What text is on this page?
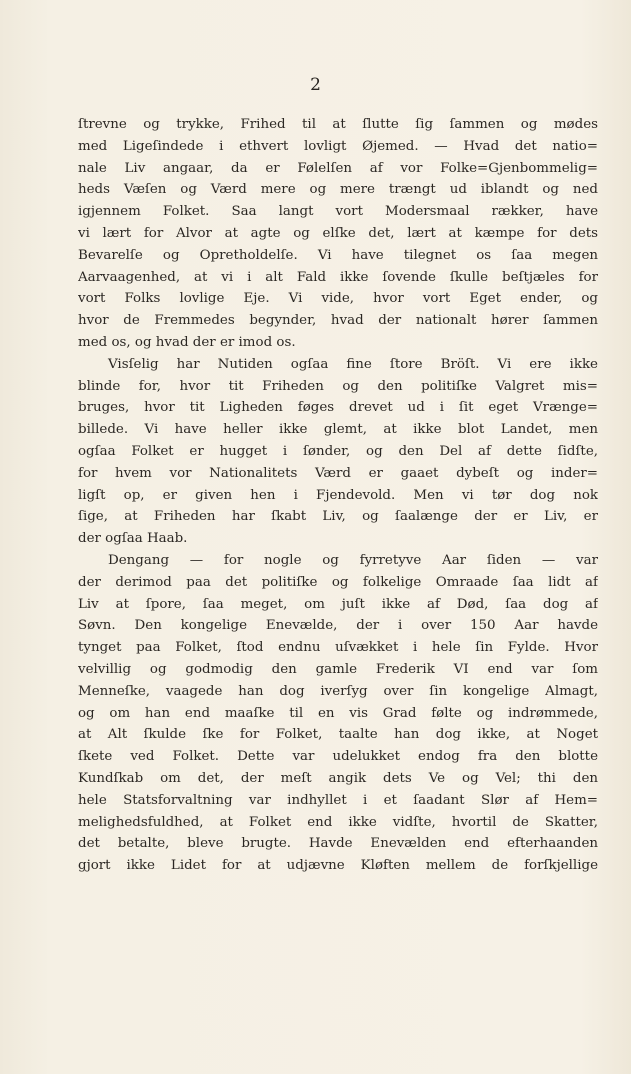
2
ſtrevne og trykke, Frihed til at ſlutte ſig ſammen og mødes
med Ligeſindede i ethvert lovligt Øjemed. — Hvad det natio=
nale Liv angaar, da er Følelſen af vor Folke=Gjenbommelig=
heds Væſen og Værd mere og mere trængt ud iblandt og ned
igjennem Folket. Saa langt vort Modersmaal rækker, have
vi lært for Alvor at agte og elſke det, lært at kæmpe for dets
Bevarelſe og Opretholdelſe. Vi have tilegnet os ſaa megen
Aarvaagenhed, at vi i alt Fald ikke ſovende ſkulle beſtjæles for
vort Folks lovlige Eje. Vi vide, hvor vort Eget ender, og
hvor de Fremmedes begynder, hvad der nationalt hører ſammen
med os, og hvad der er imod os.
Visſelig har Nutiden ogſaa fine ſtore Bröſt. Vi ere ikke
blinde for, hvor tit Friheden og den politiſke Valgret mis=
bruges, hvor tit Ligheden føges drevet ud i ſit eget Vrænge=
billede. Vi have heller ikke glemt, at ikke blot Landet, men
ogſaa Folket er hugget i ſønder, og den Del af dette ſidſte,
for hvem vor Nationalitets Værd er gaaet dybeſt og inder=
ligſt op, er given hen i Fjendevold. Men vi tør dog nok
ſige, at Friheden har ſkabt Liv, og ſaalænge der er Liv, er
der ogſaa Haab.
Dengang — for nogle og fyrretyve Aar ſiden — var
der derimod paa det politiſke og folkelige Omraade ſaa lidt af
Liv at ſpore, ſaa meget, om juſt ikke af Død, ſaa dog af
Søvn. Den kongelige Enevælde, der i over 150 Aar havde
tynget paa Folket, ſtod endnu uſvækket i hele ſin Fylde. Hvor
velvillig og godmodig den gamle Frederik VI end var ſom
Menneſke, vaagede han dog iverſyg over ſin kongelige Almagt,
og om han end maaſke til en vis Grad følte og indrømmede,
at Alt ſkulde ſke for Folket, taalte han dog ikke, at Noget
ſkete ved Folket. Dette var udelukket endog fra den blotte
Kundſkab om det, der meſt angik dets Ve og Vel; thi den
hele Statsforvaltning var indhyllet i et ſaadant Slør af Hem=
melighedsfuldhed, at Folket end ikke vidſte, hvortil de Skatter,
det betalte, bleve brugte. Havde Enevælden end efterhaanden
gjort ikke Lidet for at udjævne Kløften mellem de forſkjellige
